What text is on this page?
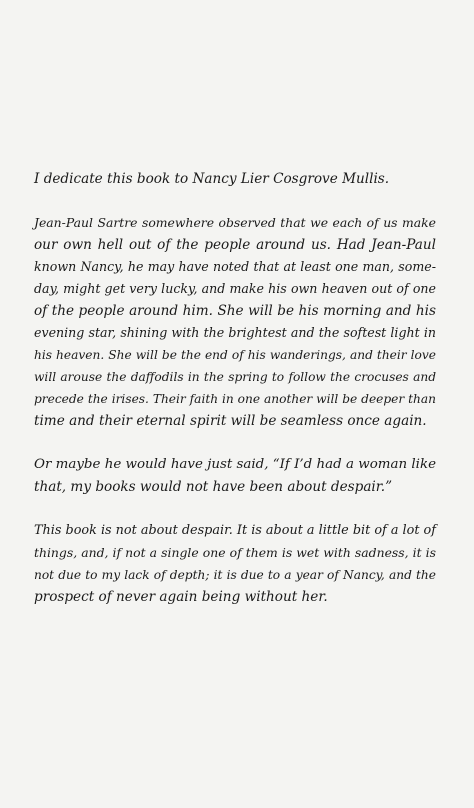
I dedicate this book to Nancy Lier Cosgrove Mullis.

Jean-Paul Sartre somewhere observed that we each of us make
our own hell out of the people around us. Had Jean-Paul
known Nancy, he may have noted that at least one man, some-
day, might get very lucky, and make his own heaven out of one
of the people around him. She will be his morning and his
evening star, shining with the brightest and the softest light in
his heaven. She will be the end of his wanderings, and their love
will arouse the daffodils in the spring to follow the crocuses and
precede the irises. Their faith in one another will be deeper than
time and their eternal spirit will be seamless once again.

Or maybe he would have just said, “If I’d had a woman like
that, my books would not have been about despair.”

This book is not about despair. It is about a little bit of a lot of
things, and, if not a single one of them is wet with sadness, it is
not due to my lack of depth; it is due to a year of Nancy, and the
prospect of never again being without her.
